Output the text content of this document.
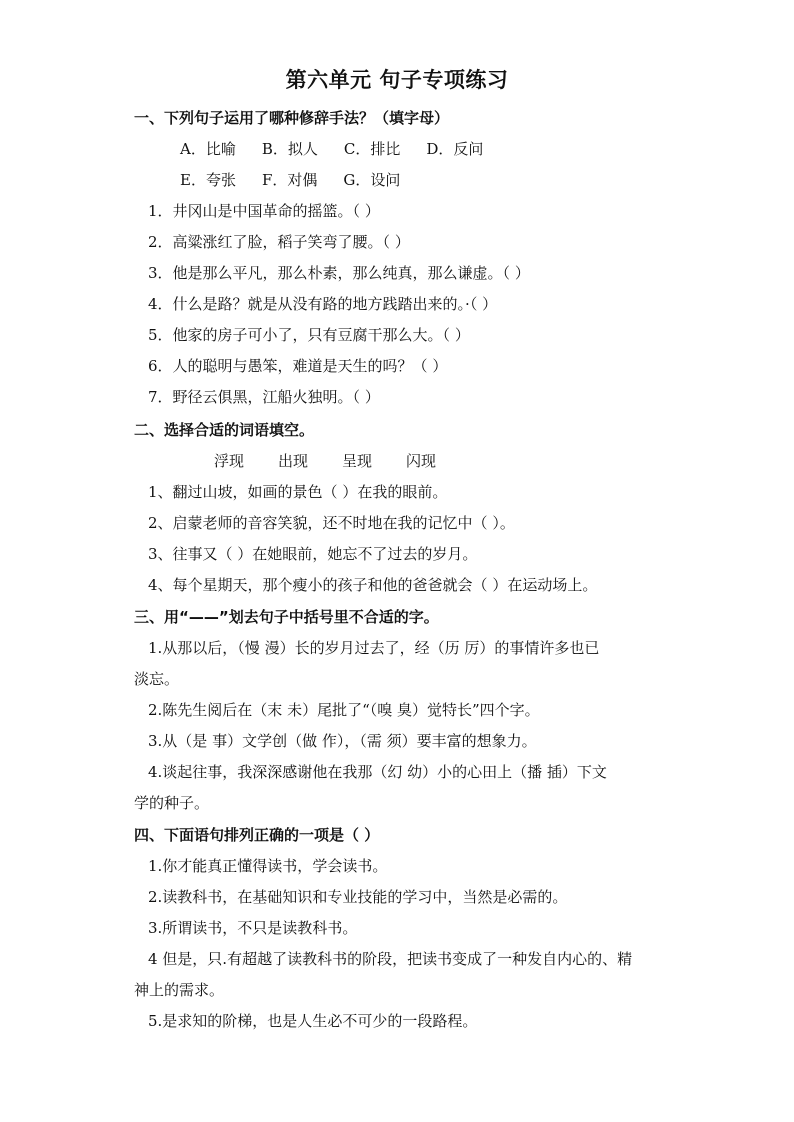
第六单元 句子专项练习
一、下列句子运用了哪种修辞手法？（填字母）
A．比喻 B．拟人 C．排比 D．反问
E．夸张 F．对偶 G．设问
1．井冈山是中国革命的摇篮。（ ）
2．高粱涨红了脸，稻子笑弯了腰。（ ）
3．他是那么平凡，那么朴素，那么纯真，那么谦虚。（ ）
4．什么是路？就是从没有路的地方践踏出来的。·（ ）
5．他家的房子可小了，只有豆腐干那么大。（ ）
6．人的聪明与愚笨，难道是天生的吗？（ ）
7．野径云俱黑，江船火独明。（ ）
二、选择合适的词语填空。
浮现 出现 呈现 闪现
1、翻过山坡，如画的景色（ ）在我的眼前。
2、启蒙老师的音容笑貌，还不时地在我的记忆中（ ）。
3、往事又（ ）在她眼前，她忘不了过去的岁月。
4、每个星期天，那个瘦小的孩子和他的爸爸就会（ ）在运动场上。
三、用“——”划去句子中括号里不合适的字。
1.从那以后，（慢 漫）长的岁月过去了，经（历 厉）的事情许多也已
淡忘。
2.陈先生阅后在（末 未）尾批了“（嗅 臭）觉特长”四个字。
3.从（是 事）文学创（做 作），（需 须）要丰富的想象力。
4.谈起往事，我深深感谢他在我那（幻 幼）小的心田上（播 插）下文
学的种子。
四、下面语句排列正确的一项是（ ）
1.你才能真正懂得读书，学会读书。
2.读教科书，在基础知识和专业技能的学习中，当然是必需的。
3.所谓读书，不只是读教科书。
4 但是，只.有超越了读教科书的阶段，把读书变成了一种发自内心的、精
神上的需求。
5.是求知的阶梯，也是人生必不可少的一段路程。
